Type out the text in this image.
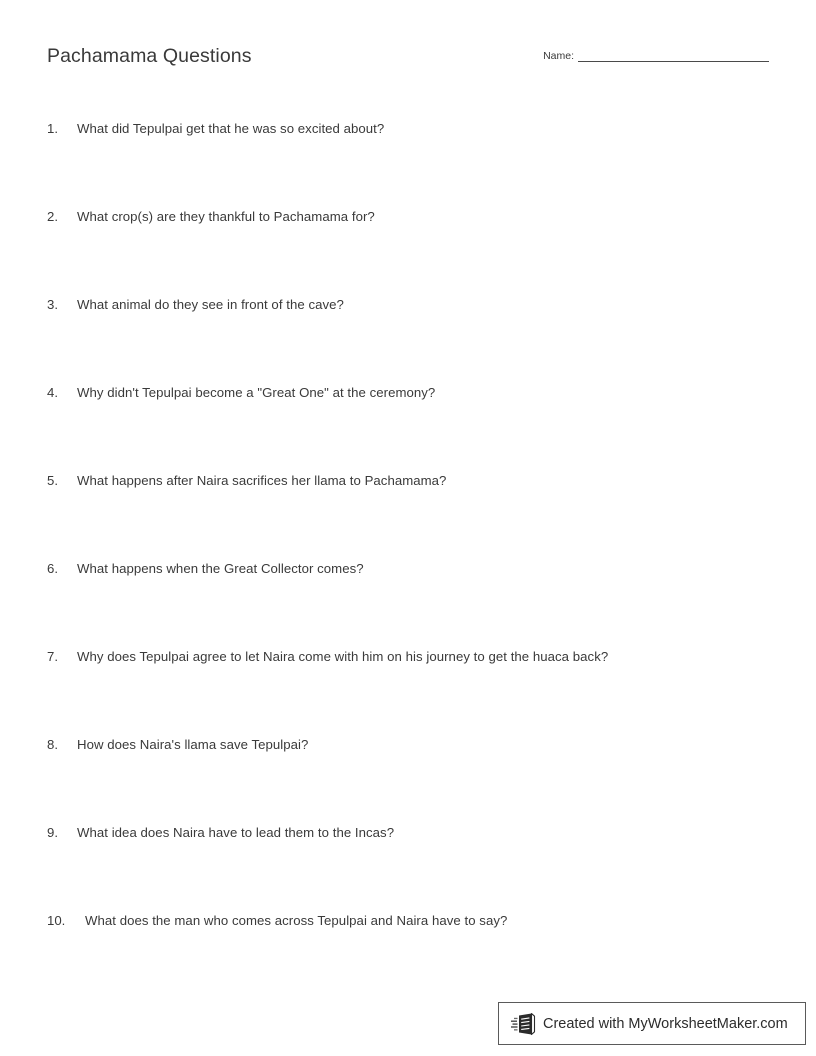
Pachamama Questions	Name:
1. What did Tepulpai get that he was so excited about?
2. What crop(s) are they thankful to Pachamama for?
3. What animal do they see in front of the cave?
4. Why didn't Tepulpai become a "Great One" at the ceremony?
5. What happens after Naira sacrifices her llama to Pachamama?
6. What happens when the Great Collector comes?
7. Why does Tepulpai agree to let Naira come with him on his journey to get the huaca back?
8. How does Naira's llama save Tepulpai?
9. What idea does Naira have to lead them to the Incas?
10. What does the man who comes across Tepulpai and Naira have to say?
Created with MyWorksheetMaker.com
